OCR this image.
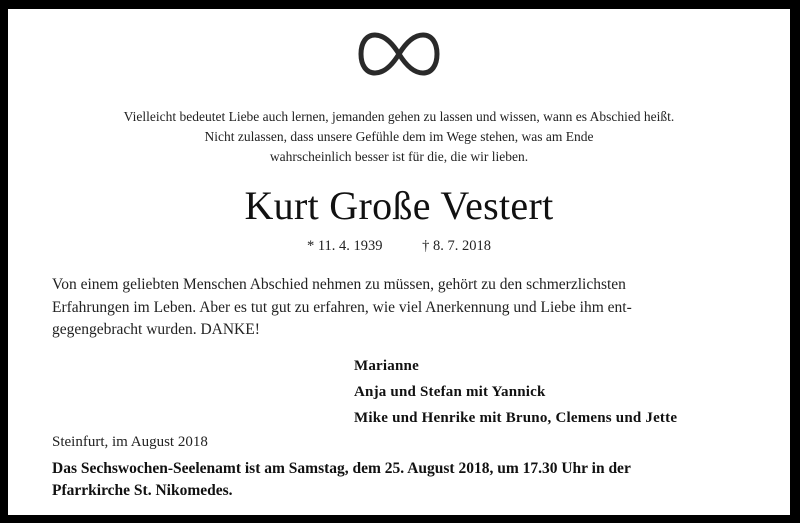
Vielleicht bedeutet Liebe auch lernen, jemanden gehen zu lassen und wissen, wann es Abschied heißt.
Nicht zulassen, dass unsere Gefühle dem im Wege stehen, was am Ende
wahrscheinlich besser ist für die, die wir lieben.
Kurt Große Vestert
* 11. 4. 1939	† 8. 7. 2018
Von einem geliebten Menschen Abschied nehmen zu müssen, gehört zu den schmerzlichsten
Erfahrungen im Leben. Aber es tut gut zu erfahren, wie viel Anerkennung und Liebe ihm ent-
gegengebracht wurden. DANKE!
Marianne
Anja und Stefan mit Yannick
Mike und Henrike mit Bruno, Clemens und Jette
Steinfurt, im August 2018
Das Sechswochen-Seelenamt ist am Samstag, dem 25. August 2018, um 17.30 Uhr in der
Pfarrkirche St. Nikomedes.
